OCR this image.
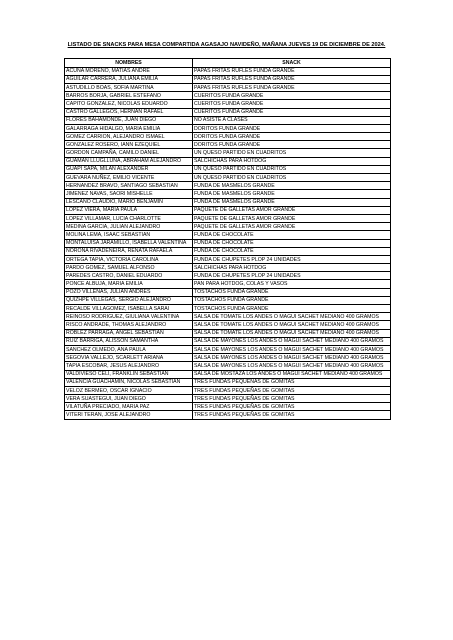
LISTADO DE SNACKS PARA MESA COMPARTIDA AGASAJO NAVIDEÑO, MAÑANA JUEVES 19 DE DICIEMBRE DE 2024.
NOMBRES	SNACK
ACUÑA MORENO, MATIAS ANDRE	PAPAS FRITAS RUFLES FUNDA GRANDE
AGUILAR CARRERA, JULIANA EMILIA	PAPAS FRITAS RUFLES FUNDA GRANDE
ASTUDILLO BOAS, SOFIA MARTINA	PAPAS FRITAS RUFLES FUNDA GRANDE
BARROS BORJA, GABRIEL ESTEFANO	CUERITOS FUNDA GRANDE
CAPITO GONZALEZ, NICOLAS EDUARDO	CUERITOS FUNDA GRANDE
CASTRO GALLEGOS, HERNAN RAFAEL	CUERITOS FUNDA GRANDE
FLORES BAHAMONDE, JUAN DIEGO	NO ASISTE A CLASES
GALARRAGA HIDALGO, MARIA EMILIA	DORITOS FUNDA GRANDE
GOMEZ CARRION, ALEJANDRO ISMAEL	DORITOS FUNDA GRANDE
GONZALEZ ROSERO, IANN EZEQUIEL	DORITOS FUNDA GRANDE
GORDON CAMPAÑA, CAMILO DANIEL	UN QUESO PARTIDO EN CUADRITOS
GUAMAN LLUGLLUNA, ABRAHAM ALEJANDRO	SALCHICHAS PARA HOTDOG
GUAPI SAPA, MILAN ALEXANDER	UN QUESO PARTIDO EN CUADRITOS
GUEVARA NUÑEZ, EMILIO VICENTE	UN QUESO PARTIDO EN CUADRITOS
HERNANDEZ BRAVO, SANTIAGO SEBASTIAN	FUNDA DE MASMELOS GRANDE
JIMENEZ NAVAS, SAORI MISHELLE	FUNDA DE MASMELOS GRANDE
LESCANO CLAUDIO, MARIO BENJAMIN	FUNDA DE MASMELOS GRANDE
LOPEZ VIERA, MARIA PAULA	PAQUETE DE GALLETAS AMOR GRANDE
LOPEZ VILLAMAR, LUCIA CHARLOTTE	PAQUETE DE GALLETAS AMOR GRANDE
MEDINA GARCIA, JULIAN ALEJANDRO	PAQUETE DE GALLETAS AMOR GRANDE
MOLINA LEMA, ISAAC SEBASTIAN	FUNDA DE CHOCOLATE
MONTALUISA JARAMILLO, ISABELLA VALENTINA	FUNDA DE CHOCOLATE
NOROÑA RIVADENEIRA, RENATA RAFAELA	FUNDA DE CHOCOLATE
ORTEGA TAPIA, VICTORIA CAROLINA	FUNDA DE CHUPETES PLOP 24 UNIDADES
PARDO GOMEZ, SAMUEL ALFONSO	SALCHICHAS PARA HOTDOG
PAREDES CASTRO, DANIEL EDUARDO	FUNDA DE CHUPETES PLOP 24 UNIDADES
PONCE ALBUJA, MARIA EMILIA	PAN PARA HOTDOG, COLAS Y VASOS
POZO VILLENAS, JULIAN ANDRES	TOSTACHOS FUNDA GRANDE
QUIZHPE VILLEGAS, SERGIO ALEJANDRO	TOSTACHOS FUNDA GRANDE
RECALDE VILLAGOMEZ, ISABELLA SARAI	TOSTACHOS FUNDA GRANDE
REINOSO RODRIGUEZ, GIULIANA VALENTINA	SALSA DE TOMATE LOS ANDES O MAGUI SACHET MEDIANO 400 GRAMOS
RISCO ANDRADE, THOMAS ALEJANDRO	SALSA DE TOMATE LOS ANDES O MAGUI SACHET MEDIANO 400 GRAMOS
ROBLEZ PARRAGA, ANGEL SEBASTIAN	SALSA DE TOMATE LOS ANDES O MAGUI SACHET MEDIANO 400 GRAMOS
RUIZ BARRIGA, ALISSON SAMANTHA	SALSA DE MAYONES LOS ANDES O MAGUI SACHET MEDIANO 400 GRAMOS
SANCHEZ OLMEDO, ANA PAULA	SALSA DE MAYONES LOS ANDES O MAGUI SACHET MEDIANO 400 GRAMOS
SEGOVIA VALLEJO, SCARLETT ARIANA	SALSA DE MAYONES LOS ANDES O MAGUI SACHET MEDIANO 400 GRAMOS
TAPIA ESCOBAR, JESUS ALEJANDRO	SALSA DE MAYONES LOS ANDES O MAGUI SACHET MEDIANO 400 GRAMOS
VALDIVIESO CELI, FRANKLIN SEBASTIAN	SALSA DE MOSTAZA LOS ANDES O MAGUI SACHET MEDIANO 400 GRAMOS
VALENCIA GUACHAMIN, NICOLAS SEBASTIAN	TRES FUNDAS PEQUEÑAS DE GOMITAS
VELOZ BERMEO, OSCAR IGNACIO	TRES FUNDAS PEQUEÑAS DE GOMITAS
VERA SUASTEGUI, JUAN DIEGO	TRES FUNDAS PEQUEÑAS DE GOMITAS
VILATUÑA PRECIADO, MARIA PAZ	TRES FUNDAS PEQUEÑAS DE GOMITAS
VITERI TERAN, JOSE ALEJANDRO	TRES FUNDAS PEQUEÑAS DE GOMITAS
